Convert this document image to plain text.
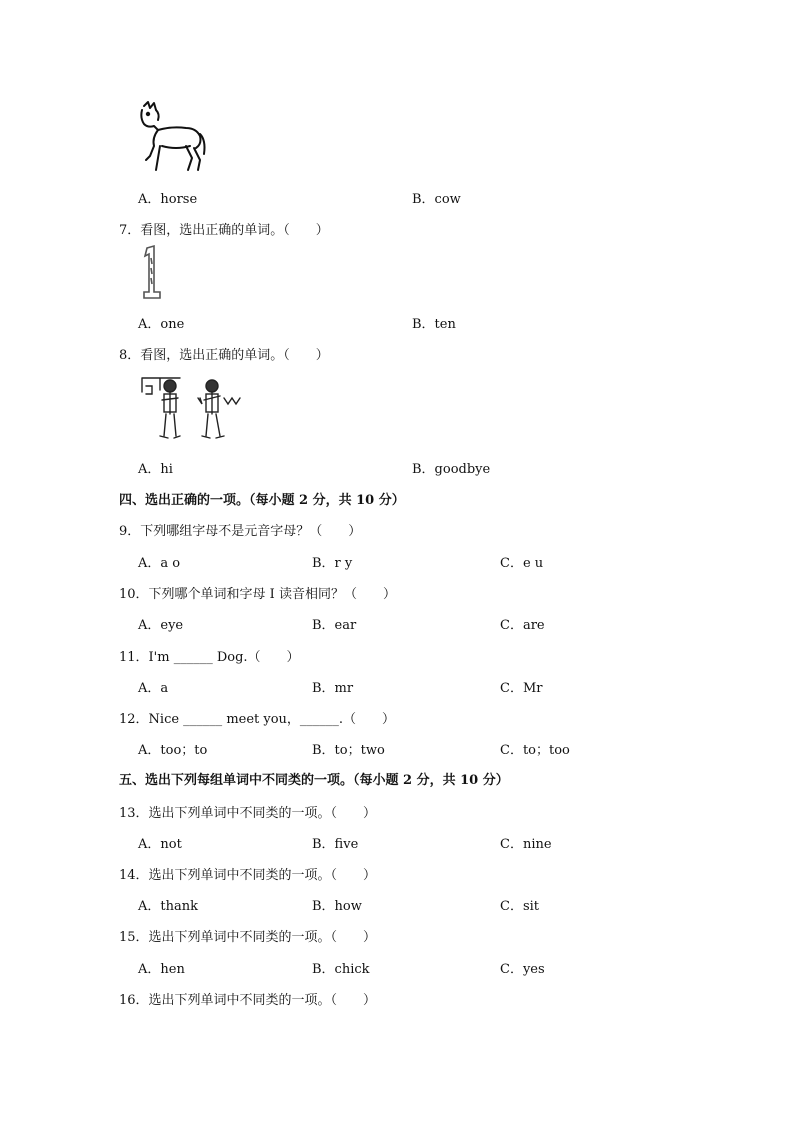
A．horse	B．cow
7．看图，选出正确的单词。（　　）
A．one	B．ten
8．看图，选出正确的单词。（　　）
A．hi	B．goodbye
四、选出正确的一项。（每小题 2 分，共 10 分）
9．下列哪组字母不是元音字母？（　　）
A．a o	B．r y	C．e u
10．下列哪个单词和字母 I 读音相同？（　　）
A．eye	B．ear	C．are
11．I'm ______ Dog.（　　）
A．a	B．mr	C．Mr
12．Nice ______ meet you，______.（　　）
A．too；to	B．to；two	C．to；too
五、选出下列每组单词中不同类的一项。（每小题 2 分，共 10 分）
13．选出下列单词中不同类的一项。（　　）
A．not	B．five	C．nine
14．选出下列单词中不同类的一项。（　　）
A．thank	B．how	C．sit
15．选出下列单词中不同类的一项。（　　）
A．hen	B．chick	C．yes
16．选出下列单词中不同类的一项。（　　）
